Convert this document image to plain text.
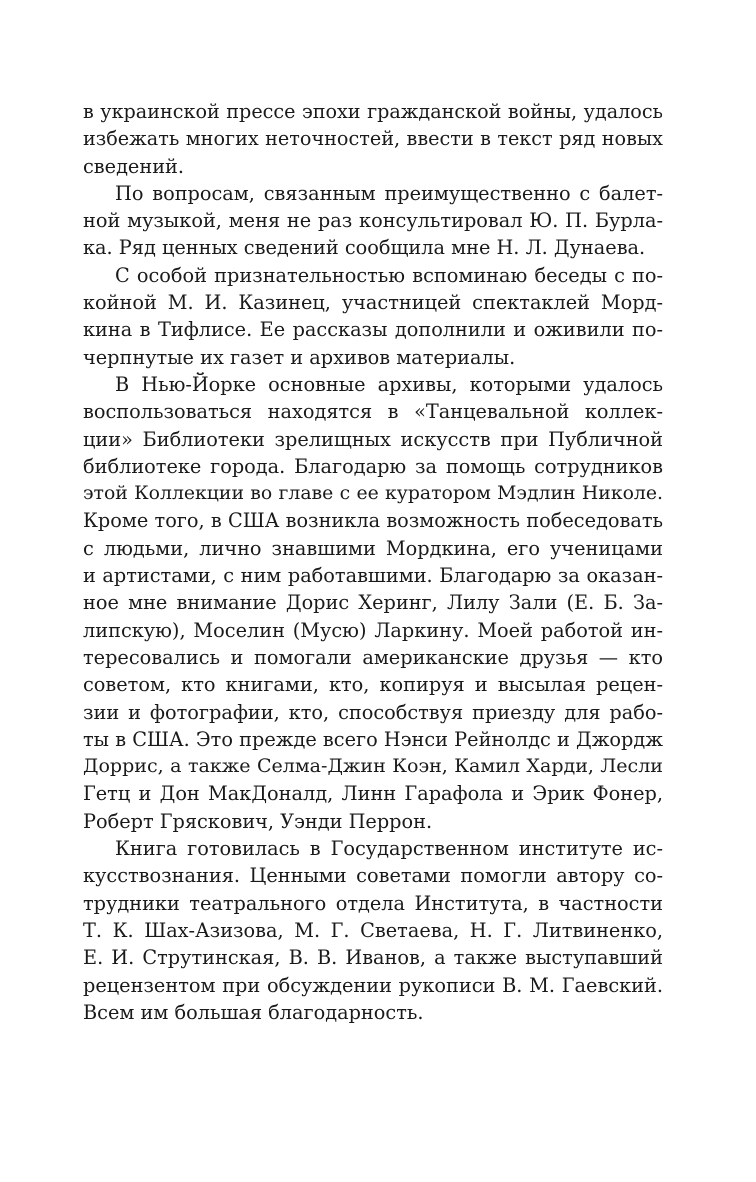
в украинской прессе эпохи гражданской войны, удалось
избежать многих неточностей, ввести в текст ряд новых
сведений.
По вопросам, связанным преимущественно с балет-
ной музыкой, меня не раз консультировал Ю. П. Бурла-
ка. Ряд ценных сведений сообщила мне Н. Л. Дунаева.
С особой признательностью вспоминаю беседы с по-
койной М. И. Казинец, участницей спектаклей Морд-
кина в Тифлисе. Ее рассказы дополнили и оживили по-
черпнутые их газет и архивов материалы.
В Нью-Йорке основные архивы, которыми удалось
воспользоваться находятся в «Танцевальной коллек-
ции» Библиотеки зрелищных искусств при Публичной
библиотеке города. Благодарю за помощь сотрудников
этой Коллекции во главе с ее куратором Мэдлин Николе.
Кроме того, в США возникла возможность побеседовать
с людьми, лично знавшими Мордкина, его ученицами
и артистами, с ним работавшими. Благодарю за оказан-
ное мне внимание Дорис Херинг, Лилу Зали (Е. Б. За-
липскую), Моселин (Мусю) Ларкину. Моей работой ин-
тересовались и помогали американские друзья — кто
советом, кто книгами, кто, копируя и высылая рецен-
зии и фотографии, кто, способствуя приезду для рабо-
ты в США. Это прежде всего Нэнси Рейнолдс и Джордж
Доррис, а также Селма-Джин Коэн, Камил Харди, Лесли
Гетц и Дон МакДоналд, Линн Гарафола и Эрик Фонер,
Роберт Гряскович, Уэнди Перрон.
Книга готовилась в Государственном институте ис-
кусствознания. Ценными советами помогли автору со-
трудники театрального отдела Института, в частности
Т. К. Шах-Азизова, М. Г. Светаева, Н. Г. Литвиненко,
Е. И. Струтинская, В. В. Иванов, а также выступавший
рецензентом при обсуждении рукописи В. М. Гаевский.
Всем им большая благодарность.
